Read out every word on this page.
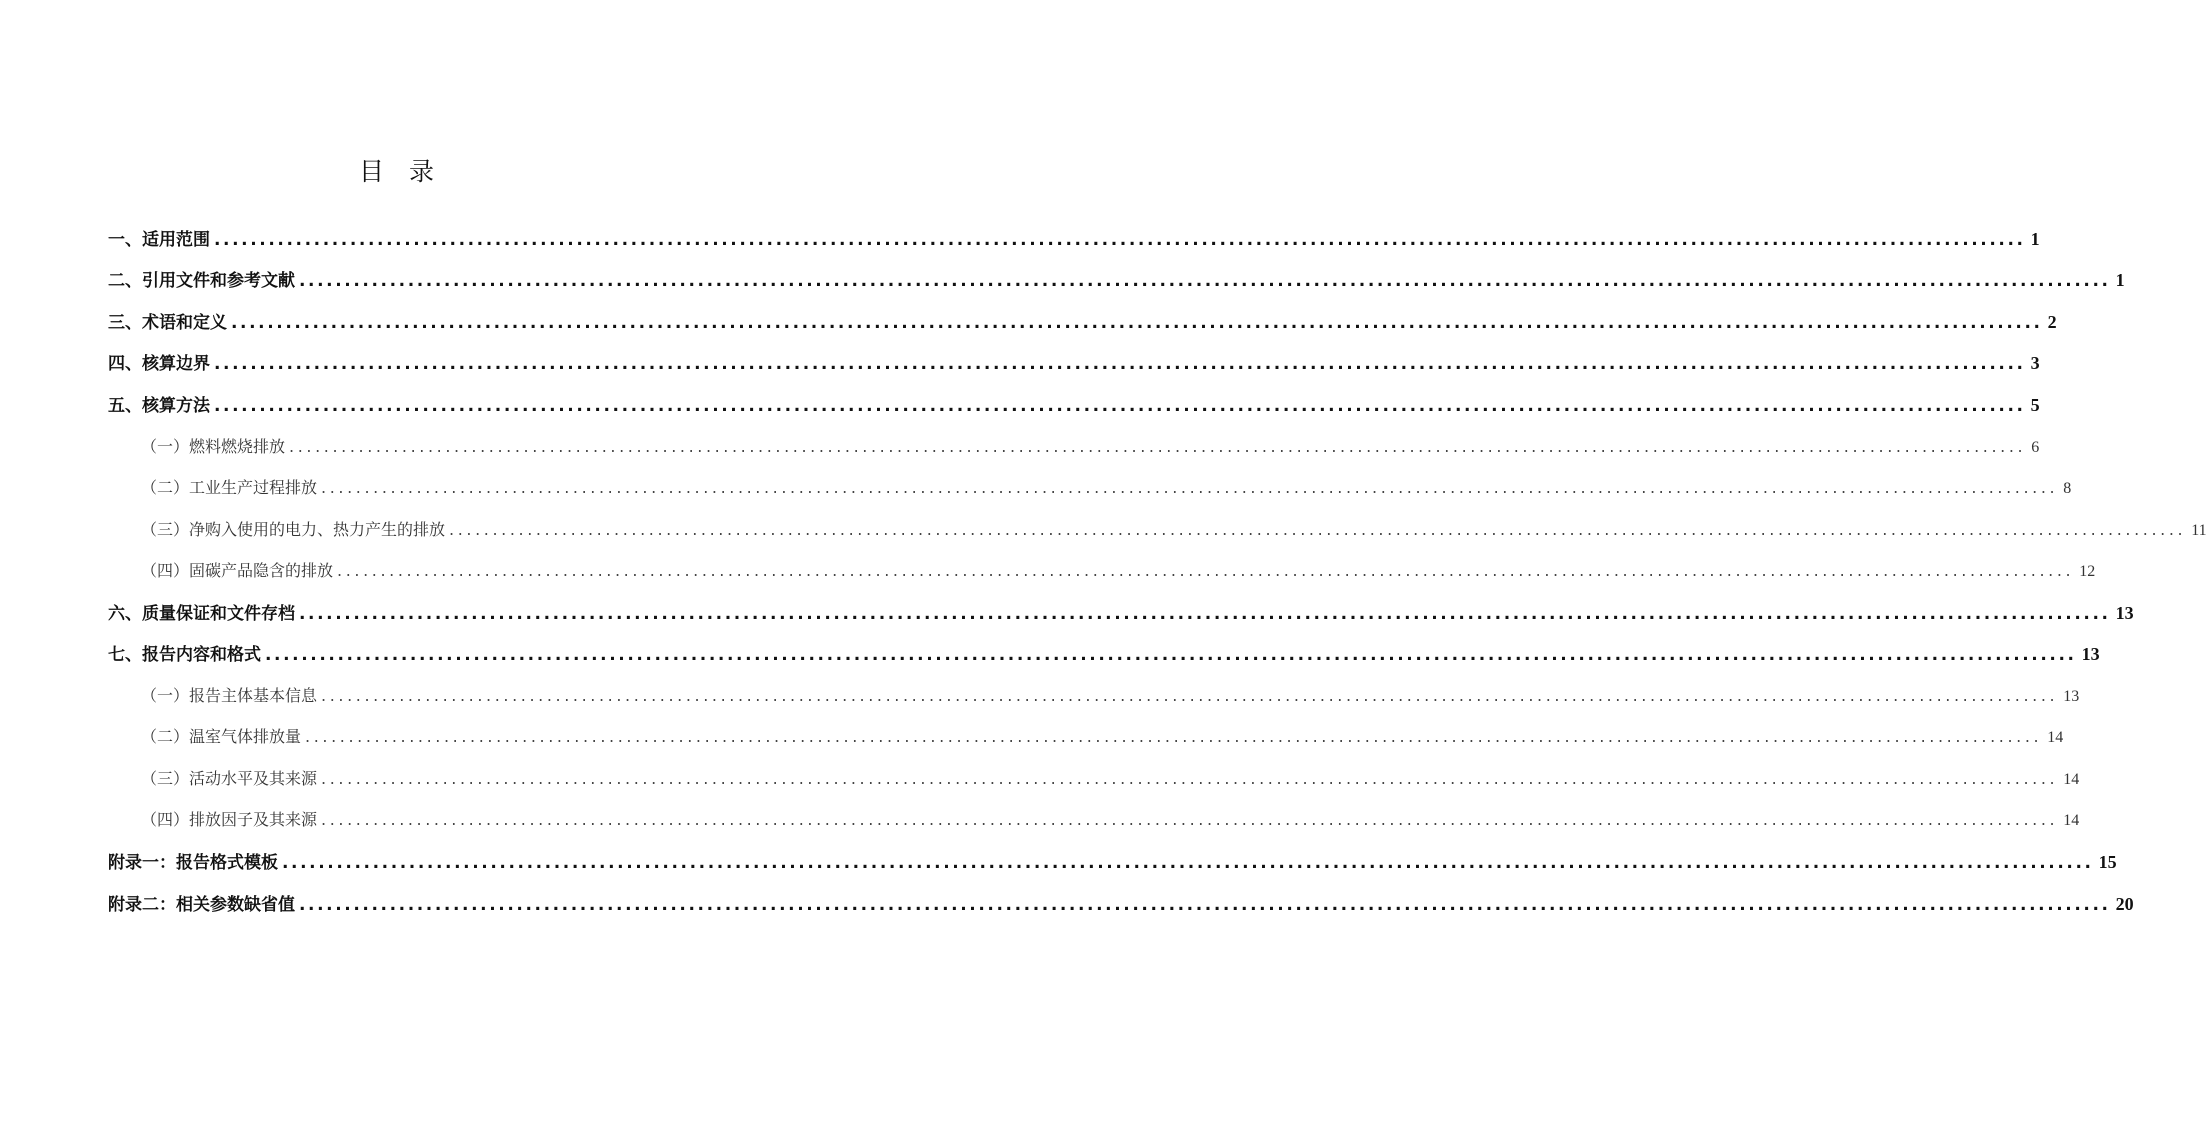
目 录
一、适用范围 ........................................................................................................................................................................................................ 1
二、引用文件和参考文献 ........................................................................................................................................................................................................ 1
三、术语和定义 ........................................................................................................................................................................................................ 2
四、核算边界 ........................................................................................................................................................................................................ 3
五、核算方法 ........................................................................................................................................................................................................ 5
（一）燃料燃烧排放 ........................................................................................................................................................................................................ 6
（二）工业生产过程排放 ........................................................................................................................................................................................................ 8
（三）净购入使用的电力、热力产生的排放 ........................................................................................................................................................................................................ 11
（四）固碳产品隐含的排放 ........................................................................................................................................................................................................ 12
六、质量保证和文件存档 ........................................................................................................................................................................................................ 13
七、报告内容和格式 ........................................................................................................................................................................................................ 13
（一）报告主体基本信息 ........................................................................................................................................................................................................ 13
（二）温室气体排放量 ........................................................................................................................................................................................................ 14
（三）活动水平及其来源 ........................................................................................................................................................................................................ 14
（四）排放因子及其来源 ........................................................................................................................................................................................................ 14
附录一：报告格式模板 ........................................................................................................................................................................................................ 15
附录二：相关参数缺省值 ........................................................................................................................................................................................................ 20
